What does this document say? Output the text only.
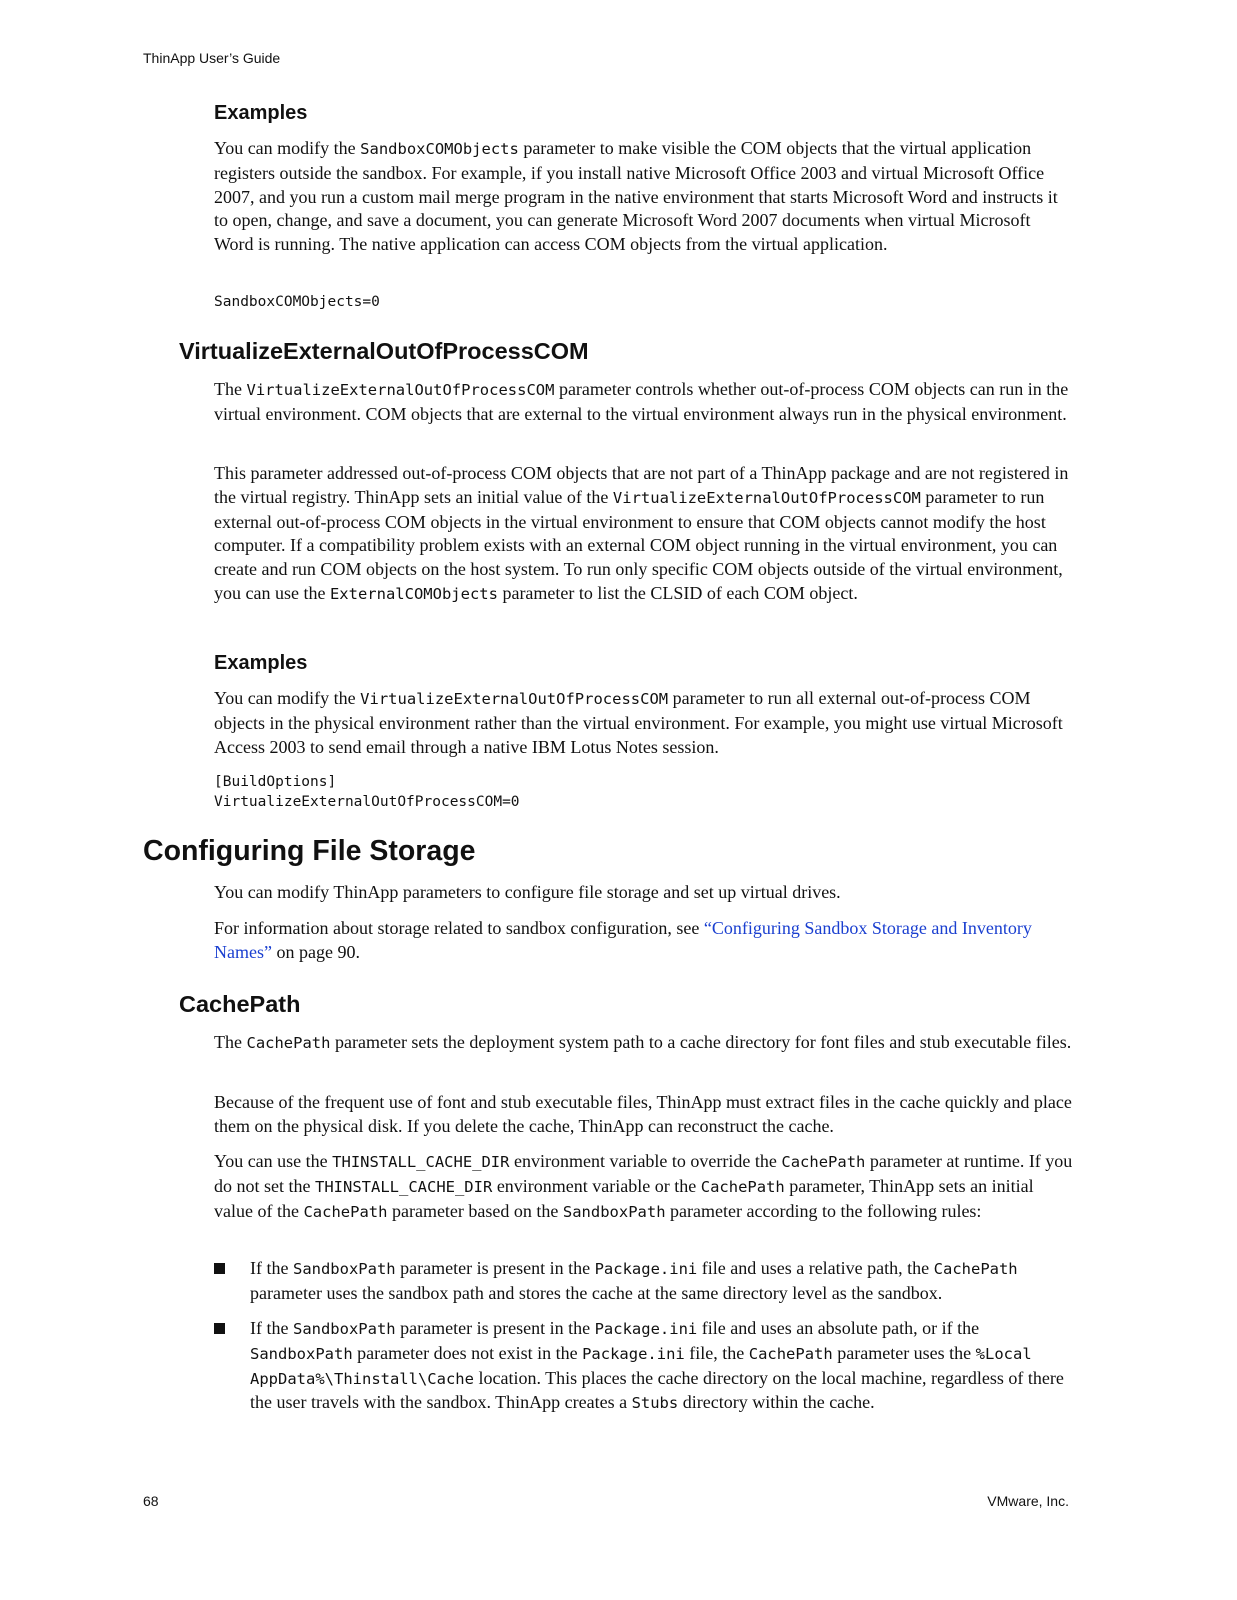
ThinApp User’s Guide
Examples

You can modify the SandboxCOMObjects parameter to make visible the COM objects that the virtual application registers outside the sandbox. For example, if you install native Microsoft Office 2003 and virtual Microsoft Office 2007, and you run a custom mail merge program in the native environment that starts Microsoft Word and instructs it to open, change, and save a document, you can generate Microsoft Word 2007 documents when virtual Microsoft Word is running. The native application can access COM objects from the virtual application.

SandboxCOMObjects=0
VirtualizeExternalOutOfProcessCOM

The VirtualizeExternalOutOfProcessCOM parameter controls whether out-of-process COM objects can run in the virtual environment. COM objects that are external to the virtual environment always run in the physical environment.

This parameter addressed out-of-process COM objects that are not part of a ThinApp package and are not registered in the virtual registry. ThinApp sets an initial value of the VirtualizeExternalOutOfProcessCOM parameter to run external out-of-process COM objects in the virtual environment to ensure that COM objects cannot modify the host computer. If a compatibility problem exists with an external COM object running in the virtual environment, you can create and run COM objects on the host system. To run only specific COM objects outside of the virtual environment, you can use the ExternalCOMObjects parameter to list the CLSID of each COM object.

Examples

You can modify the VirtualizeExternalOutOfProcessCOM parameter to run all external out-of-process COM objects in the physical environment rather than the virtual environment. For example, you might use virtual Microsoft Access 2003 to send email through a native IBM Lotus Notes session.

[BuildOptions]
VirtualizeExternalOutOfProcessCOM=0
Configuring File Storage

You can modify ThinApp parameters to configure file storage and set up virtual drives.

For information about storage related to sandbox configuration, see “Configuring Sandbox Storage and Inventory Names” on page 90.

CachePath

The CachePath parameter sets the deployment system path to a cache directory for font files and stub executable files.

Because of the frequent use of font and stub executable files, ThinApp must extract files in the cache quickly and place them on the physical disk. If you delete the cache, ThinApp can reconstruct the cache.

You can use the THINSTALL_CACHE_DIR environment variable to override the CachePath parameter at runtime. If you do not set the THINSTALL_CACHE_DIR environment variable or the CachePath parameter, ThinApp sets an initial value of the CachePath parameter based on the SandboxPath parameter according to the following rules:

If the SandboxPath parameter is present in the Package.ini file and uses a relative path, the CachePath parameter uses the sandbox path and stores the cache at the same directory level as the sandbox.
If the SandboxPath parameter is present in the Package.ini file and uses an absolute path, or if the SandboxPath parameter does not exist in the Package.ini file, the CachePath parameter uses the %Local AppData%\Thinstall\Cache location. This places the cache directory on the local machine, regardless of there the user travels with the sandbox. ThinApp creates a Stubs directory within the cache.
68	VMware, Inc.
